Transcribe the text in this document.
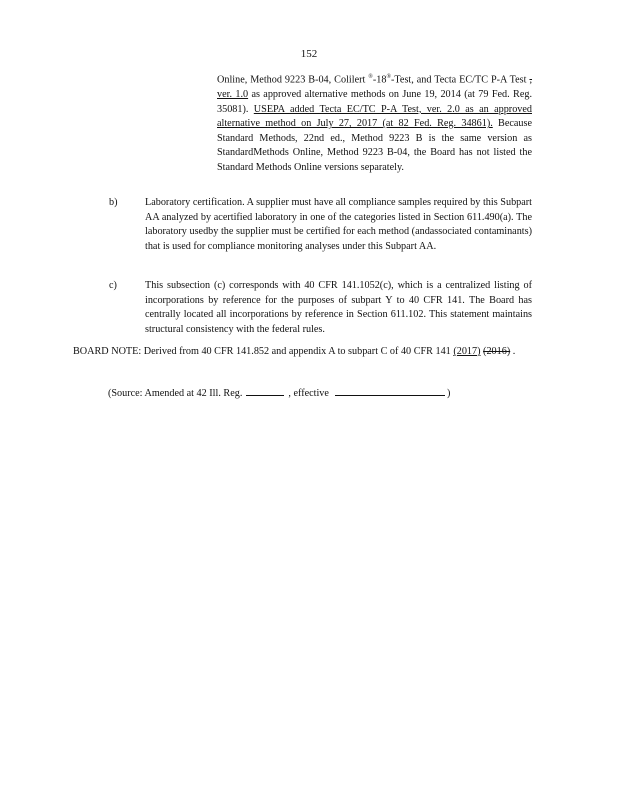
152
Online, Method 9223 B-04, Colilert ®-18®-Test, and Tecta EC/TC P-A Test , ver. 1.0 as approved alternative methods on June 19, 2014 (at 79 Fed. Reg. 35081). USEPA added Tecta EC/TC P-A Test, ver. 2.0 as an approved alternative method on July 27, 2017 (at 82 Fed. Reg. 34861). Because Standard Methods, 22nd ed., Method 9223 B is the same version as StandardMethods Online, Method 9223 B-04, the Board has not listed the Standard Methods Online versions separately.
b)	Laboratory certification. A supplier must have all compliance samples required by this Subpart AA analyzed by acertified laboratory in one of the categories listed in Section 611.490(a). The laboratory usedby the supplier must be certified for each method (andassociated contaminants) that is used for compliance monitoring analyses under this Subpart AA.
c)	This subsection (c) corresponds with 40 CFR 141.1052(c), which is a centralized listing of incorporations by reference for the purposes of subpart Y to 40 CFR 141. The Board has centrally located all incorporations by reference in Section 611.102. This statement maintains structural consistency with the federal rules.
BOARD NOTE: Derived from 40 CFR 141.852 and appendix A to subpart C of 40 CFR 141 (2017) (2016) .
(Source: Amended at 42 Ill. Reg.	, effective	)
